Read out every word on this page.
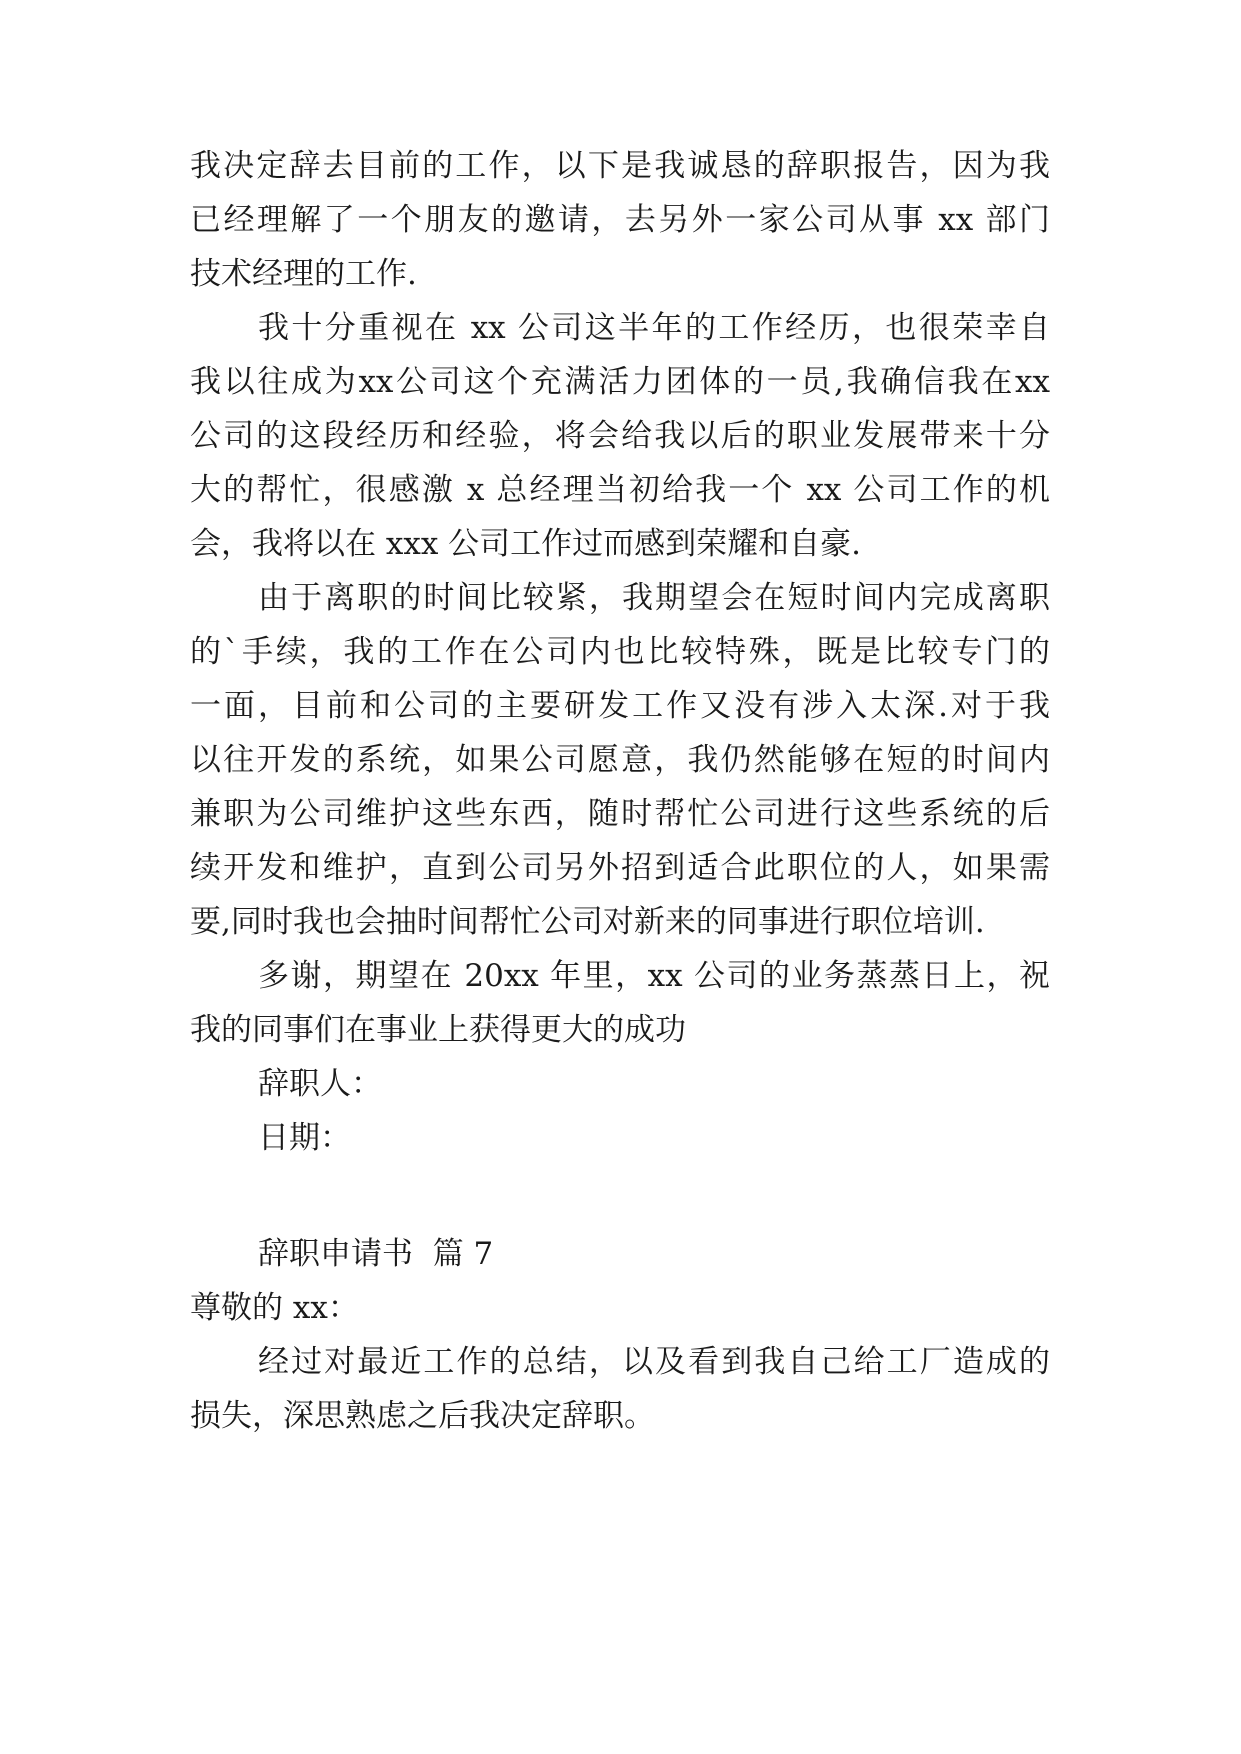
我决定辞去目前的工作，以下是我诚恳的辞职报告，因为我
已经理解了一个朋友的邀请，去另外一家公司从事 xx 部门
技术经理的工作.
我十分重视在 xx 公司这半年的工作经历，也很荣幸自
我以往成为xx公司这个充满活力团体的一员,我确信我在xx
公司的这段经历和经验，将会给我以后的职业发展带来十分
大的帮忙，很感激 x 总经理当初给我一个 xx 公司工作的机
会，我将以在 xxx 公司工作过而感到荣耀和自豪.
由于离职的时间比较紧，我期望会在短时间内完成离职
的`手续，我的工作在公司内也比较特殊，既是比较专门的
一面，目前和公司的主要研发工作又没有涉入太深.对于我
以往开发的系统，如果公司愿意，我仍然能够在短的时间内
兼职为公司维护这些东西，随时帮忙公司进行这些系统的后
续开发和维护，直到公司另外招到适合此职位的人，如果需
要,同时我也会抽时间帮忙公司对新来的同事进行职位培训.
多谢，期望在 20xx 年里，xx 公司的业务蒸蒸日上，祝
我的同事们在事业上获得更大的成功
辞职人：
日期：
辞职申请书  篇 7
尊敬的 xx：
经过对最近工作的总结，以及看到我自己给工厂造成的
损失，深思熟虑之后我决定辞职。
